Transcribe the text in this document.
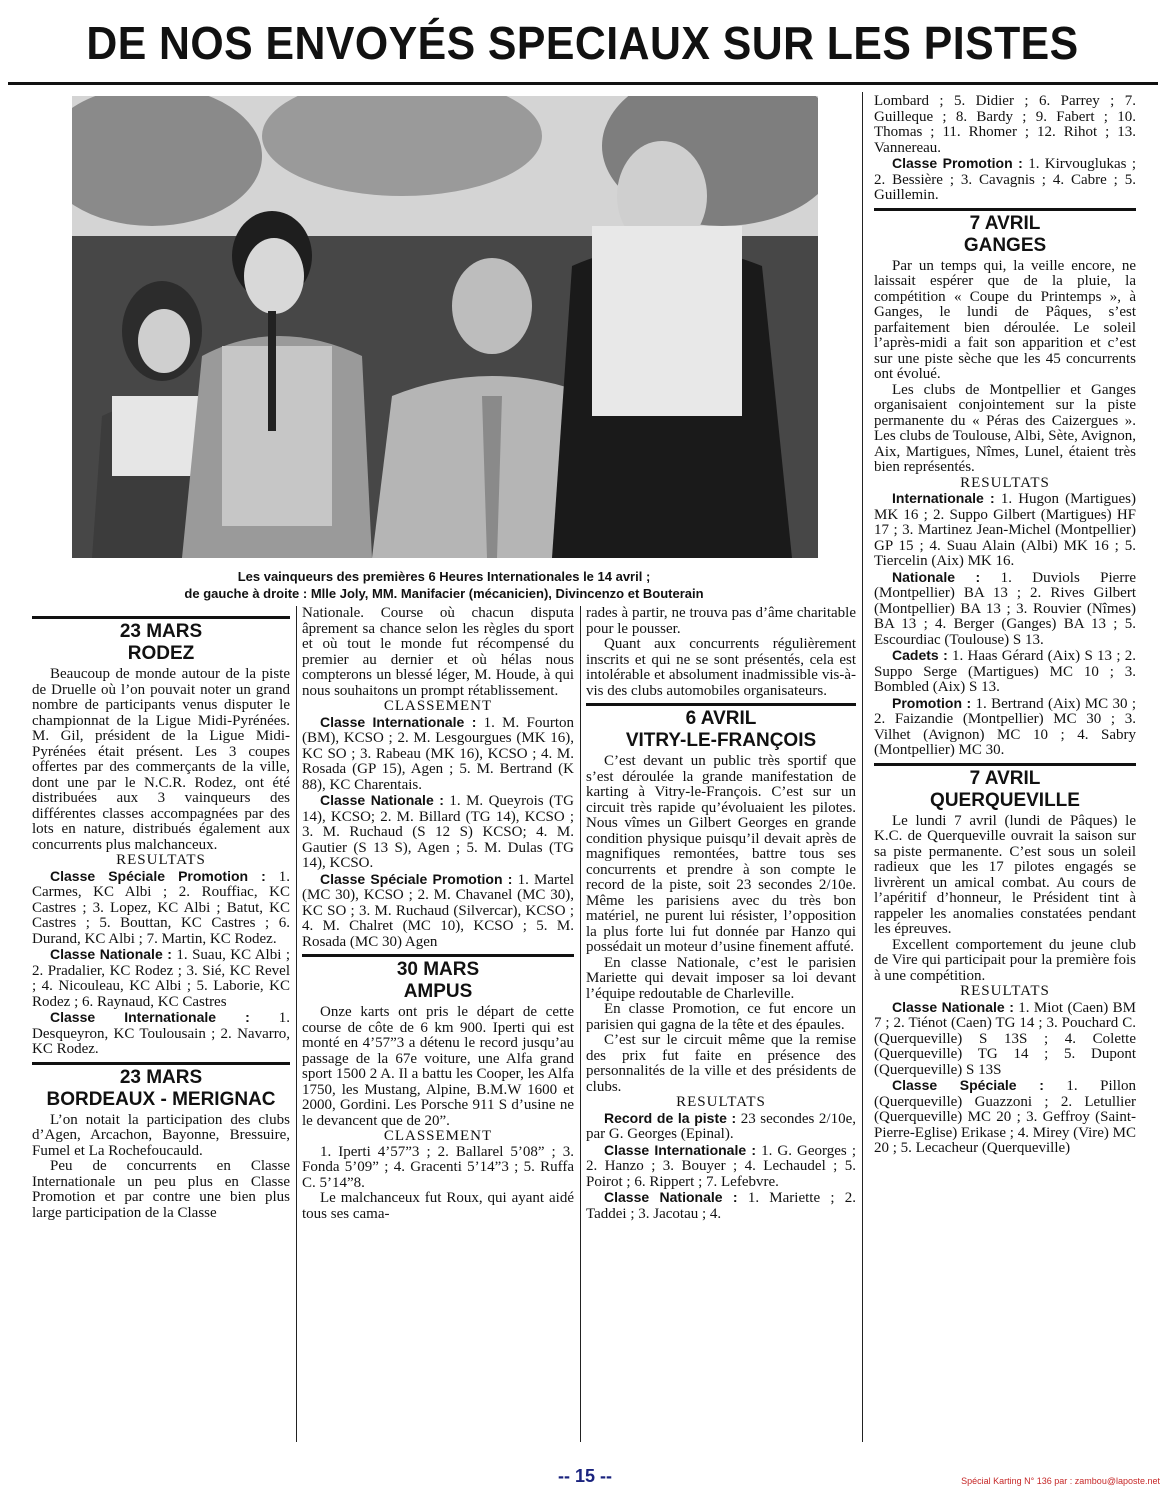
DE NOS ENVOYÉS SPECIAUX SUR LES PISTES
Les vainqueurs des premières 6 Heures Internationales le 14 avril ;
de gauche à droite : Mlle Joly, MM. Manifacier (mécanicien), Divincenzo et Bouterain
23 MARS
RODEZ

Beaucoup de monde autour de la piste de Druelle où l’on pouvait noter un grand nombre de participants venus disputer le championnat de la Ligue Midi-Pyrénées. M. Gil, président de la Ligue Midi-Pyrénées était présent. Les 3 coupes offertes par des commerçants de la ville, dont une par le N.C.R. Rodez, ont été distribuées aux 3 vainqueurs des différentes classes accompagnées par des lots en nature, distribués également aux concurrents plus malchanceux.

RESULTATS

Classe Spéciale Promotion : 1. Carmes, KC Albi ; 2. Rouffiac, KC Castres ; 3. Lopez, KC Albi ; Batut, KC Castres ; 5. Bouttan, KC Castres ; 6. Durand, KC Albi ; 7. Martin, KC Rodez.

Classe Nationale : 1. Suau, KC Albi ; 2. Pradalier, KC Rodez ; 3. Sié, KC Revel ; 4. Nicouleau, KC Albi ; 5. Laborie, KC Rodez ; 6. Raynaud, KC Castres

Classe Internationale : 1. Desqueyron, KC Toulousain ; 2. Navarro, KC Rodez.

23 MARS
BORDEAUX - MERIGNAC

L’on notait la participation des clubs d’Agen, Arcachon, Bayonne, Bressuire, Fumel et La Rochefoucauld.

Peu de concurrents en Classe Internationale un peu plus en Classe Promotion et par contre une bien plus large participation de la Classe

Nationale. Course où chacun disputa âprement sa chance selon les règles du sport et où tout le monde fut récompensé du premier au dernier et où hélas nous compterons un blessé léger, M. Houde, à qui nous souhaitons un prompt rétablissement.

CLASSEMENT

Classe Internationale : 1. M. Fourton (BM), KCSO ; 2. M. Lesgourgues (MK 16), KC SO ; 3. Rabeau (MK 16), KCSO ; 4. M. Rosada (GP 15), Agen ; 5. M. Bertrand (K 88), KC Charentais.

Classe Nationale : 1. M. Queyrois (TG 14), KCSO; 2. M. Billard (TG 14), KCSO ; 3. M. Ruchaud (S 12 S) KCSO; 4. M. Gautier (S 13 S), Agen ; 5. M. Dulas (TG 14), KCSO.

Classe Spéciale Promotion : 1. Martel (MC 30), KCSO ; 2. M. Chavanel (MC 30), KC SO ; 3. M. Ruchaud (Silvercar), KCSO ; 4. M. Chalret (MC 10), KCSO ; 5. M. Rosada (MC 30) Agen

30 MARS
AMPUS

Onze karts ont pris le départ de cette course de côte de 6 km 900. Iperti qui est monté en 4’57”3 a détenu le record jusqu’au passage de la 67e voiture, une Alfa grand sport 1500 2 A. Il a battu les Cooper, les Alfa 1750, les Mustang, Alpine, B.M.W 1600 et 2000, Gordini. Les Porsche 911 S d’usine ne le devancent que de 20”.

CLASSEMENT

1. Iperti 4’57”3 ; 2. Ballarel 5’08” ; 3. Fonda 5’09” ; 4. Gracenti 5’14”3 ; 5. Ruffa C. 5’14”8.

Le malchanceux fut Roux, qui ayant aidé tous ses cama-

rades à partir, ne trouva pas d’âme charitable pour le pousser.

Quant aux concurrents régulièrement inscrits et qui ne se sont présentés, cela est intolérable et absolument inadmissible vis-à-vis des clubs automobiles organisateurs.

6 AVRIL
VITRY-LE-FRANÇOIS

C’est devant un public très sportif que s’est déroulée la grande manifestation de karting à Vitry-le-François. C’est sur un circuit très rapide qu’évoluaient les pilotes. Nous vîmes un Gilbert Georges en grande condition physique puisqu’il devait après de magnifiques remontées, battre tous ses concurrents et prendre à son compte le record de la piste, soit 23 secondes 2/10e. Même les parisiens avec du très bon matériel, ne purent lui résister, l’opposition la plus forte lui fut donnée par Hanzo qui possédait un moteur d’usine finement affuté.

En classe Nationale, c’est le parisien Mariette qui devait imposer sa loi devant l’équipe redoutable de Charleville.

En classe Promotion, ce fut encore un parisien qui gagna de la tête et des épaules.

C’est sur le circuit même que la remise des prix fut faite en présence des personnalités de la ville et des présidents de clubs.

RESULTATS

Record de la piste : 23 secondes 2/10e, par G. Georges (Epinal).

Classe Internationale : 1. G. Georges ; 2. Hanzo ; 3. Bouyer ; 4. Lechaudel ; 5. Poirot ; 6. Rippert ; 7. Lefebvre.

Classe Nationale : 1. Mariette ; 2. Taddei ; 3. Jacotau ; 4.

Lombard ; 5. Didier ; 6. Parrey ; 7. Guilleque ; 8. Bardy ; 9. Fabert ; 10. Thomas ; 11. Rhomer ; 12. Rihot ; 13. Vannereau.

Classe Promotion : 1. Kirvouglukas ; 2. Bessière ; 3. Cavagnis ; 4. Cabre ; 5. Guillemin.

7 AVRIL
GANGES

Par un temps qui, la veille encore, ne laissait espérer que de la pluie, la compétition « Coupe du Printemps », à Ganges, le lundi de Pâques, s’est parfaitement bien déroulée. Le soleil l’après-midi a fait son apparition et c’est sur une piste sèche que les 45 concurrents ont évolué.

Les clubs de Montpellier et Ganges organisaient conjointement sur la piste permanente du « Péras des Caizergues ». Les clubs de Toulouse, Albi, Sète, Avignon, Aix, Martigues, Nîmes, Lunel, étaient très bien représentés.

RESULTATS

Internationale : 1. Hugon (Martigues) MK 16 ; 2. Suppo Gilbert (Martigues) HF 17 ; 3. Martinez Jean-Michel (Montpellier) GP 15 ; 4. Suau Alain (Albi) MK 16 ; 5. Tiercelin (Aix) MK 16.

Nationale : 1. Duviols Pierre (Montpellier) BA 13 ; 2. Rives Gilbert (Montpellier) BA 13 ; 3. Rouvier (Nîmes) BA 13 ; 4. Berger (Ganges) BA 13 ; 5. Escourdiac (Toulouse) S 13.

Cadets : 1. Haas Gérard (Aix) S 13 ; 2. Suppo Serge (Martigues) MC 10 ; 3. Bombled (Aix) S 13.

Promotion : 1. Bertrand (Aix) MC 30 ; 2. Faizandie (Montpellier) MC 30 ; 3. Vilhet (Avignon) MC 10 ; 4. Sabry (Montpellier) MC 30.

7 AVRIL
QUERQUEVILLE

Le lundi 7 avril (lundi de Pâques) le K.C. de Querqueville ouvrait la saison sur sa piste permanente. C’est sous un soleil radieux que les 17 pilotes engagés se livrèrent un amical combat. Au cours de l’apéritif d’honneur, le Président tint à rappeler les anomalies constatées pendant les épreuves.

Excellent comportement du jeune club de Vire qui participait pour la première fois à une compétition.

RESULTATS

Classe Nationale : 1. Miot (Caen) BM 7 ; 2. Tiénot (Caen) TG 14 ; 3. Pouchard C. (Querqueville) S 13S ; 4. Colette (Querqueville) TG 14 ; 5. Dupont (Querqueville) S 13S

Classe Spéciale : 1. Pillon (Querqueville) Guazzoni ; 2. Letullier (Querqueville) MC 20 ; 3. Geffroy (Saint-Pierre-Eglise) Erikase ; 4. Mirey (Vire) MC 20 ; 5. Lecacheur (Querqueville)

-- 15 --	Spécial Karting N° 136 par : zambou@laposte.net
